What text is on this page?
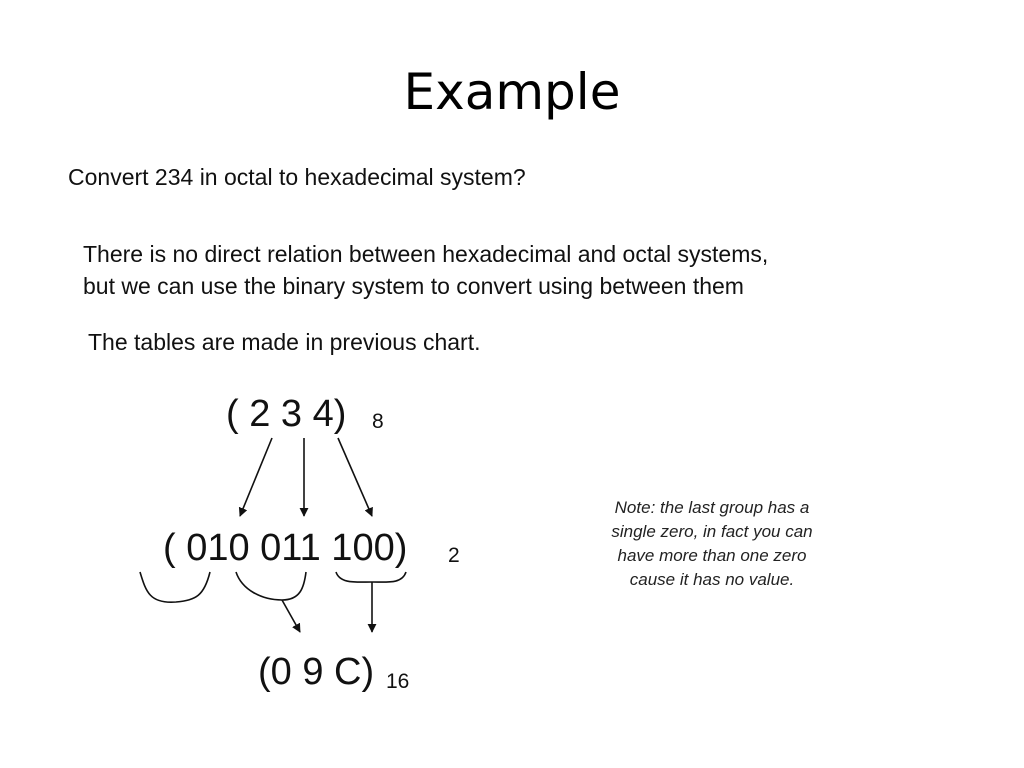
Example
Convert 234 in octal to hexadecimal system?
There is no direct relation between hexadecimal and octal systems,
but we can use the binary system to convert using between them
The tables are made in previous chart.
( 2 3 4) 8
( 010 011 100) 2
(0 9 C) 16
Note: the last group has a
single zero, in fact you can
have more than one zero
cause it has no value.
